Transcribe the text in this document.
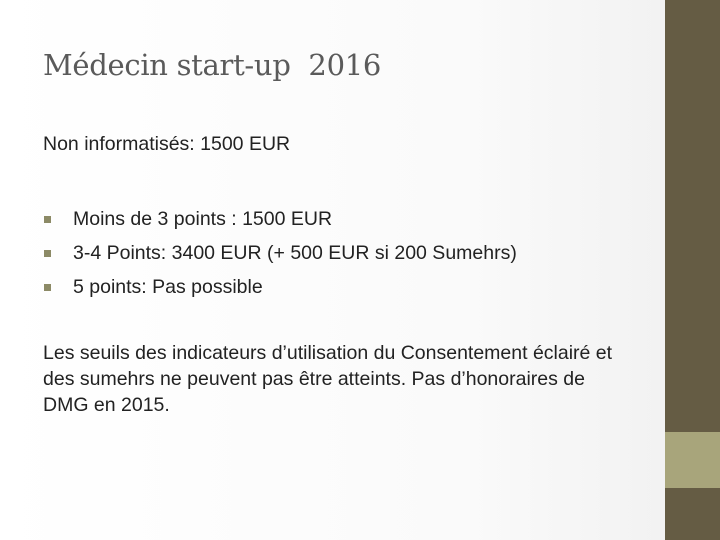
Médecin start-up  2016

Non informatisés: 1500 EUR

Moins de 3 points : 1500 EUR
3-4 Points: 3400 EUR (+ 500 EUR si 200 Sumehrs)
5 points: Pas possible

Les seuils des indicateurs d’utilisation du Consentement éclairé et des sumehrs ne peuvent pas être atteints. Pas d’honoraires de DMG en 2015.
